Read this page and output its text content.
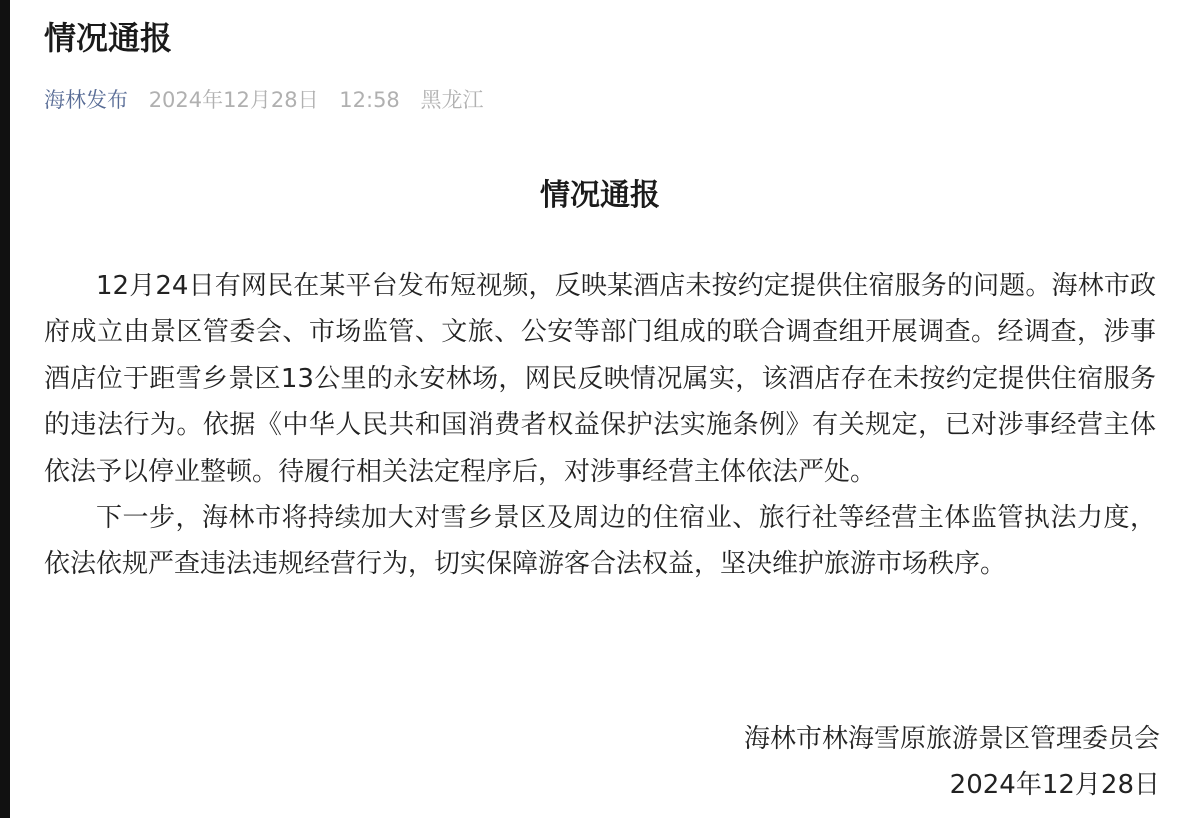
情况通报
海林发布 2024年12月28日 12:58 黑龙江
情况通报

12月24日有网民在某平台发布短视频，反映某酒店未按约定提供住宿服务的问题。海林市政府成立由景区管委会、市场监管、文旅、公安等部门组成的联合调查组开展调查。经调查，涉事酒店位于距雪乡景区13公里的永安林场，网民反映情况属实，该酒店存在未按约定提供住宿服务的违法行为。依据《中华人民共和国消费者权益保护法实施条例》有关规定，已对涉事经营主体依法予以停业整顿。待履行相关法定程序后，对涉事经营主体依法严处。

下一步，海林市将持续加大对雪乡景区及周边的住宿业、旅行社等经营主体监管执法力度，依法依规严查违法违规经营行为，切实保障游客合法权益，坚决维护旅游市场秩序。

海林市林海雪原旅游景区管理委员会
2024年12月28日
